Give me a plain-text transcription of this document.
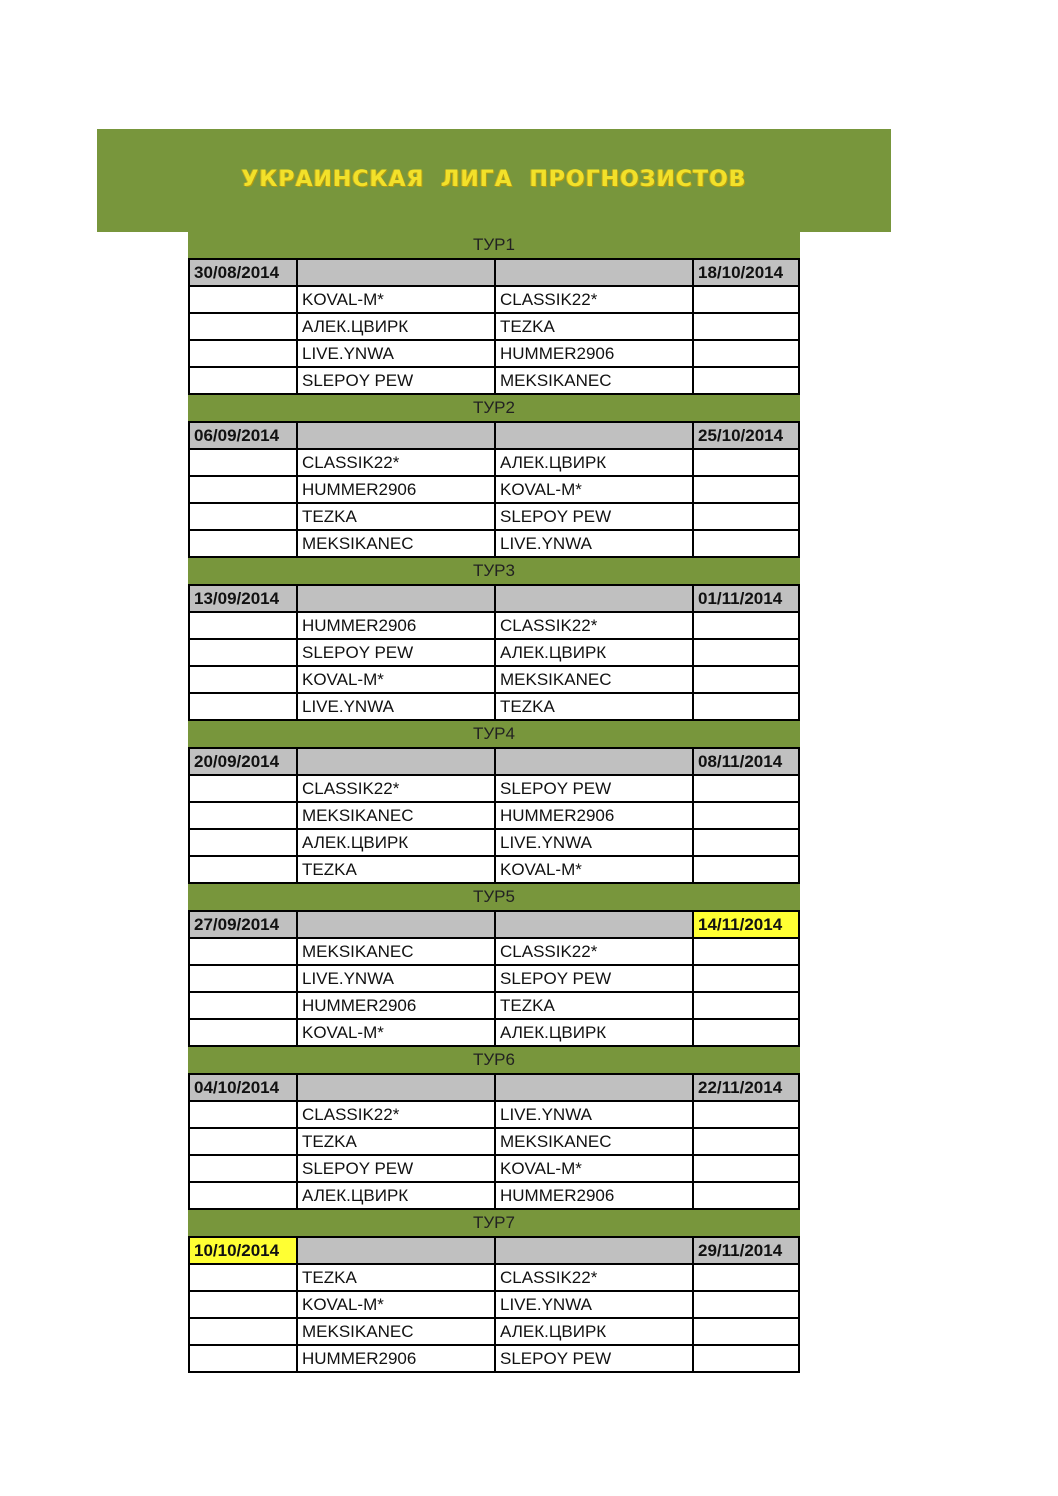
УКРАИНСКАЯ ЛИГА ПРОГНОЗИСТОВ
ТУР1
30/08/2014	18/10/2014
KOVAL-M*	CLASSIK22*
АЛЕК.ЦВИРК	TEZKA
LIVE.YNWA	HUMMER2906
SLEPOY PEW	MEKSIKANEC
ТУР2
06/09/2014	25/10/2014
CLASSIK22*	АЛЕК.ЦВИРК
HUMMER2906	KOVAL-M*
TEZKA	SLEPOY PEW
MEKSIKANEC	LIVE.YNWA
ТУР3
13/09/2014	01/11/2014
HUMMER2906	CLASSIK22*
SLEPOY PEW	АЛЕК.ЦВИРК
KOVAL-M*	MEKSIKANEC
LIVE.YNWA	TEZKA
ТУР4
20/09/2014	08/11/2014
CLASSIK22*	SLEPOY PEW
MEKSIKANEC	HUMMER2906
АЛЕК.ЦВИРК	LIVE.YNWA
TEZKA	KOVAL-M*
ТУР5
27/09/2014	14/11/2014
MEKSIKANEC	CLASSIK22*
LIVE.YNWA	SLEPOY PEW
HUMMER2906	TEZKA
KOVAL-M*	АЛЕК.ЦВИРК
ТУР6
04/10/2014	22/11/2014
CLASSIK22*	LIVE.YNWA
TEZKA	MEKSIKANEC
SLEPOY PEW	KOVAL-M*
АЛЕК.ЦВИРК	HUMMER2906
ТУР7
10/10/2014	29/11/2014
TEZKA	CLASSIK22*
KOVAL-M*	LIVE.YNWA
MEKSIKANEC	АЛЕК.ЦВИРК
HUMMER2906	SLEPOY PEW
